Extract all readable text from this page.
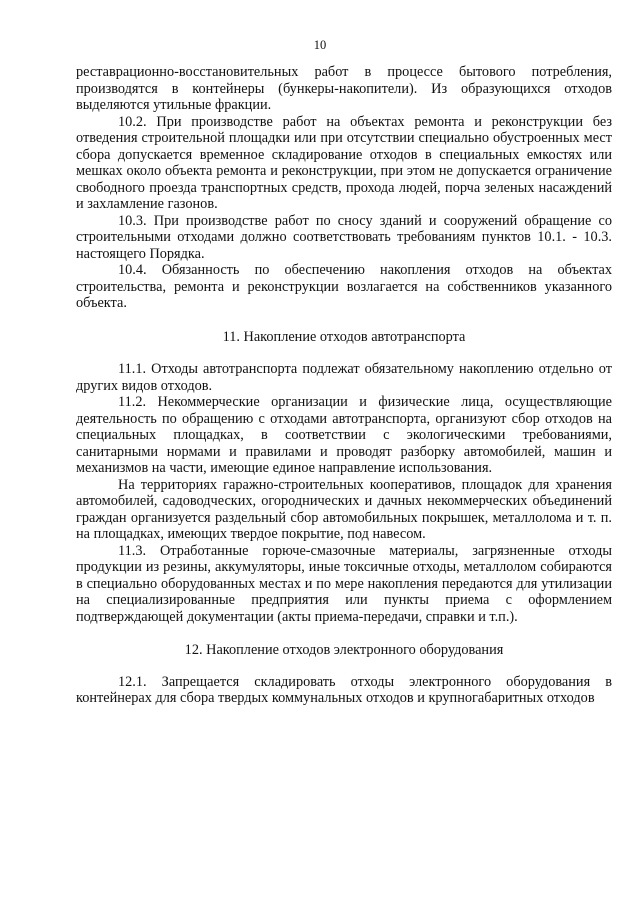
10

реставрационно-восстановительных работ в процессе бытового потребления, производятся в контейнеры (бункеры-накопители). Из образующихся отходов выделяются утильные фракции.

10.2. При производстве работ на объектах ремонта и реконструкции без отведения строительной площадки или при отсутствии специально обустроенных мест сбора допускается временное складирование отходов в специальных емкостях или мешках около объекта ремонта и реконструкции, при этом не допускается ограничение свободного проезда транспортных средств, прохода людей, порча зеленых насаждений и захламление газонов.

10.3. При производстве работ по сносу зданий и сооружений обращение со строительными отходами должно соответствовать требованиям пунктов 10.1. - 10.3. настоящего Порядка.

10.4. Обязанность по обеспечению накопления отходов на объектах строительства, ремонта и реконструкции возлагается на собственников указанного объекта.

11. Накопление отходов автотранспорта

11.1. Отходы автотранспорта подлежат обязательному накоплению отдельно от других видов отходов.

11.2. Некоммерческие организации и физические лица, осуществляющие деятельность по обращению с отходами автотранспорта, организуют сбор отходов на специальных площадках, в соответствии с экологическими требованиями, санитарными нормами и правилами и проводят разборку автомобилей, машин и механизмов на части, имеющие единое направление использования.

На территориях гаражно-строительных кооперативов, площадок для хранения автомобилей, садоводческих, огороднических и дачных некоммерческих объединений граждан организуется раздельный сбор автомобильных покрышек, металлолома и т. п. на площадках, имеющих твердое покрытие, под навесом.

11.3. Отработанные горюче-смазочные материалы, загрязненные отходы продукции из резины, аккумуляторы, иные токсичные отходы, металлолом собираются в специально оборудованных местах и по мере накопления передаются для утилизации на специализированные предприятия или пункты приема с оформлением подтверждающей документации (акты приема-передачи, справки и т.п.).

12. Накопление отходов электронного оборудования

12.1. Запрещается складировать отходы электронного оборудования в контейнерах для сбора твердых коммунальных отходов и крупногабаритных отходов
